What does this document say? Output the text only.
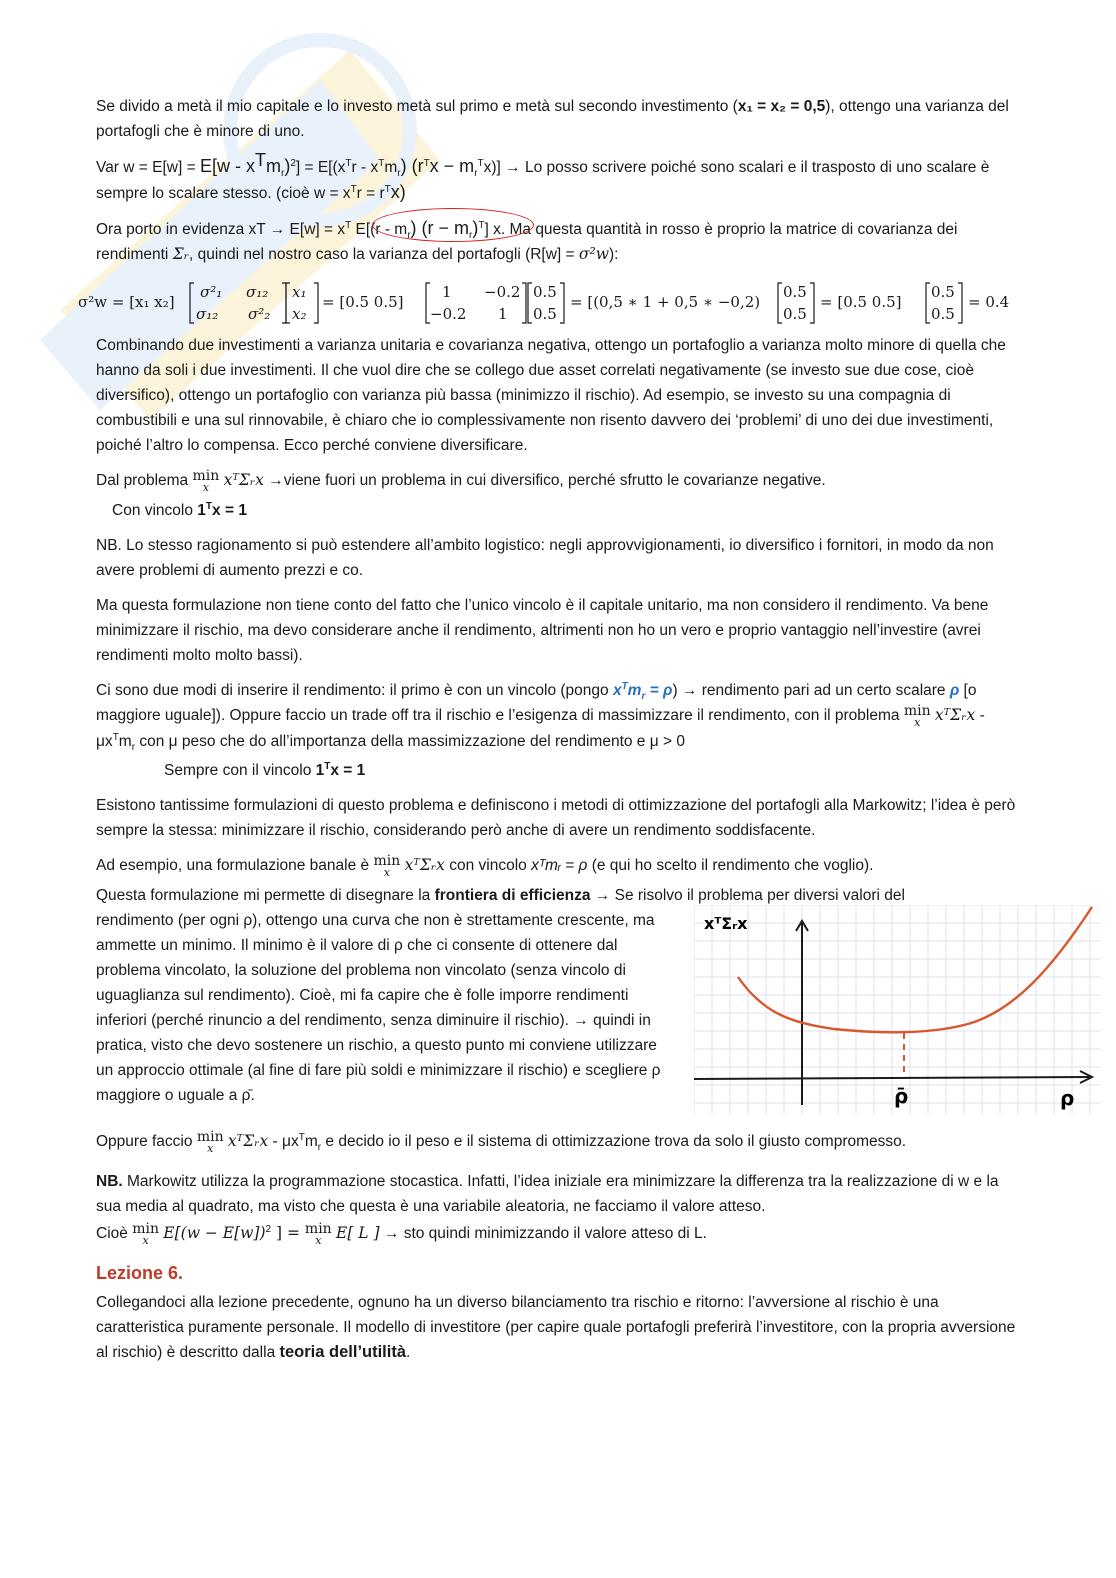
Se divido a metà il mio capitale e lo investo metà sul primo e metà sul secondo investimento (x₁ = x₂ = 0,5), ottengo una varianza del portafogli che è minore di uno.

Var $w = E[w] = E[w - x^Tm_r)^2] = E[(x^Tr - x^Tm_r)$ $(r^Tx - m_r^Tx)] \to Lo$ posso scrivere poiché sono scalari e il trasposto di uno scalare è sempre lo scalare stesso. (cioè $w = x^Tr = r^Tx$)

Ora porto in evidenza xT → $E[w] = x^T$ $E[(r - m_r)$ $(r - m_r)^T$] x. Ma questa quantità in rosso è proprio la matrice di covarianza dei rendimenti Σᵣ, quindi nel nostro caso la varianza del portafogli (R[w] = σ²w):

σ²w = [x₁ x₂]
σ²₁ σ₁₂
σ₁₂ σ²₂
x₁
x₂
= [0.5 0.5]
1 −0.2
−0.2 1
0.5
0.5
= [(0,5 ∗ 1 + 0,5 ∗ −0,2)
0.5
0.5
= [0.5 0.5]
0.5
0.5
= 0.4

Combinando due investimenti a varianza unitaria e covarianza negativa, ottengo un portafoglio a varianza molto minore di quella che hanno da soli i due investimenti. Il che vuol dire che se collego due asset correlati negativamente (se investo sue due cose, cioè diversifico), ottengo un portafoglio con varianza più bassa (minimizzo il rischio). Ad esempio, se investo su una compagnia di combustibili e una sul rinnovabile, è chiaro che io complessivamente non risento davvero dei ‘problemi’ di uno dei due investimenti, poiché l’altro lo compensa. Ecco perché conviene diversificare.

Dal problema min
x xᵀΣᵣx →viene fuori un problema in cui diversifico, perché sfrutto le covarianze negative.

Con vincolo $1^Tx = 1$

NB. Lo stesso ragionamento si può estendere all’ambito logistico: negli approvvigionamenti, io diversifico i fornitori, in modo da non avere problemi di aumento prezzi e co.

Ma questa formulazione non tiene conto del fatto che l’unico vincolo è il capitale unitario, ma non considero il rendimento. Va bene minimizzare il rischio, ma devo considerare anche il rendimento, altrimenti non ho un vero e proprio vantaggio nell’investire (avrei rendimenti molto molto bassi).

Ci sono due modi di inserire il rendimento: il primo è con un vincolo (pongo $x^Tm_r = \rho$) → rendimento pari ad un certo scalare ρ [o maggiore uguale]). Oppure faccio un trade off tra il rischio e l’esigenza di massimizzare il rendimento, con il problema min
x xᵀΣᵣx - $\mu x^Tm_r$ con μ peso che do all’importanza della massimizzazione del rendimento e μ > 0

Sempre con il vincolo $1^Tx = 1$

Esistono tantissime formulazioni di questo problema e definiscono i metodi di ottimizzazione del portafogli alla Markowitz; l’idea è però sempre la stessa: minimizzare il rischio, considerando però anche di avere un rendimento soddisfacente.

Ad esempio, una formulazione banale è min
x xᵀΣᵣx con vincolo xᵀmᵣ = ρ (e qui ho scelto il rendimento che voglio).

Questa formulazione mi permette di disegnare la frontiera di efficienza → Se risolvo il problema per diversi valori del
rendimento (per ogni ρ), ottengo una curva che non è strettamente crescente, ma ammette un minimo. Il minimo è il valore di ρ che ci consente di ottenere dal problema vincolato, la soluzione del problema non vincolato (senza vincolo di uguaglianza sul rendimento). Cioè, mi fa capire che è folle imporre rendimenti inferiori (perché rinuncio a del rendimento, senza diminuire il rischio). → quindi in pratica, visto che devo sostenere un rischio, a questo punto mi conviene utilizzare un approccio ottimale (al fine di fare più soldi e minimizzare il rischio) e scegliere ρ maggiore o uguale a ρ̄.
xᵀΣᵣx
ρ̄	ρ

Oppure faccio min
x xᵀΣᵣx - $\mu x^Tm_r$ e decido io il peso e il sistema di ottimizzazione trova da solo il giusto compromesso.

NB. Markowitz utilizza la programmazione stocastica. Infatti, l’idea iniziale era minimizzare la differenza tra la realizzazione di w e la sua media al quadrato, ma visto che questa è una variabile aleatoria, ne facciamo il valore atteso.

Cioè min
x $E[(w - E[w])^2$ ] = min
x E[ L ] → sto quindi minimizzando il valore atteso di L.

Lezione 6.

Collegandoci alla lezione precedente, ognuno ha un diverso bilanciamento tra rischio e ritorno: l’avversione al rischio è una caratteristica puramente personale. Il modello di investitore (per capire quale portafogli preferirà l’investitore, con la propria avversione al rischio) è descritto dalla teoria dell’utilità.
